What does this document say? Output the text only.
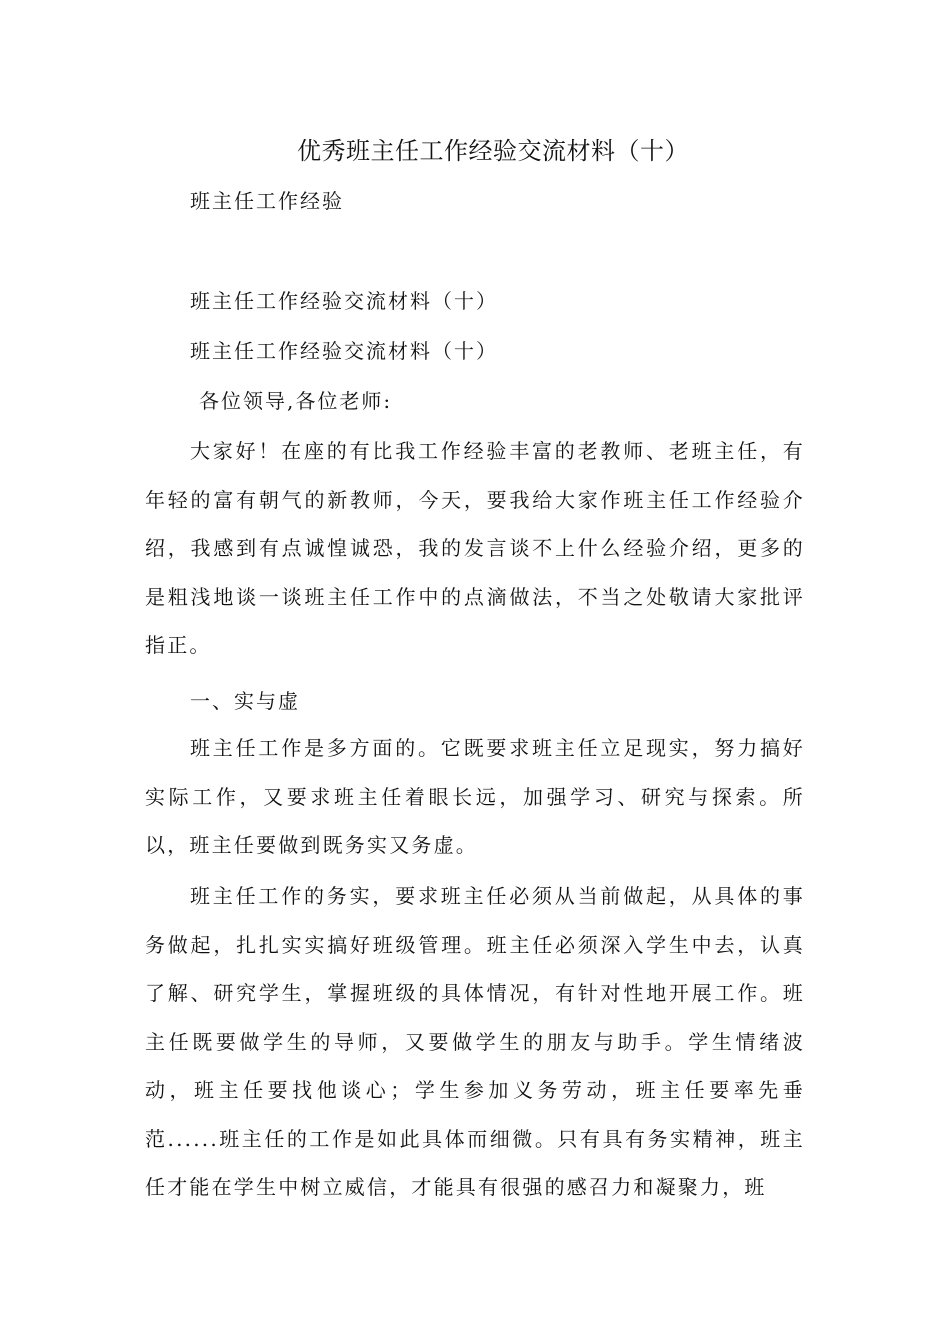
优秀班主任工作经验交流材料（十）
班主任工作经验
班主任工作经验交流材料（十）
班主任工作经验交流材料（十）
各位领导,各位老师:
大家好！在座的有比我工作经验丰富的老教师、老班主任，有年轻的富有朝气的新教师，今天，要我给大家作班主任工作经验介绍，我感到有点诚惶诚恐，我的发言谈不上什么经验介绍，更多的是粗浅地谈一谈班主任工作中的点滴做法，不当之处敬请大家批评指正。
一、实与虚
班主任工作是多方面的。它既要求班主任立足现实，努力搞好实际工作，又要求班主任着眼长远，加强学习、研究与探索。所以，班主任要做到既务实又务虚。
班主任工作的务实，要求班主任必须从当前做起，从具体的事务做起，扎扎实实搞好班级管理。班主任必须深入学生中去，认真了解、研究学生，掌握班级的具体情况，有针对性地开展工作。班主任既要做学生的导师，又要做学生的朋友与助手。学生情绪波动，班主任要找他谈心；学生参加义务劳动，班主任要率先垂范......班主任的工作是如此具体而细微。只有具有务实精神，班主任才能在学生中树立威信，才能具有很强的感召力和凝聚力，班
